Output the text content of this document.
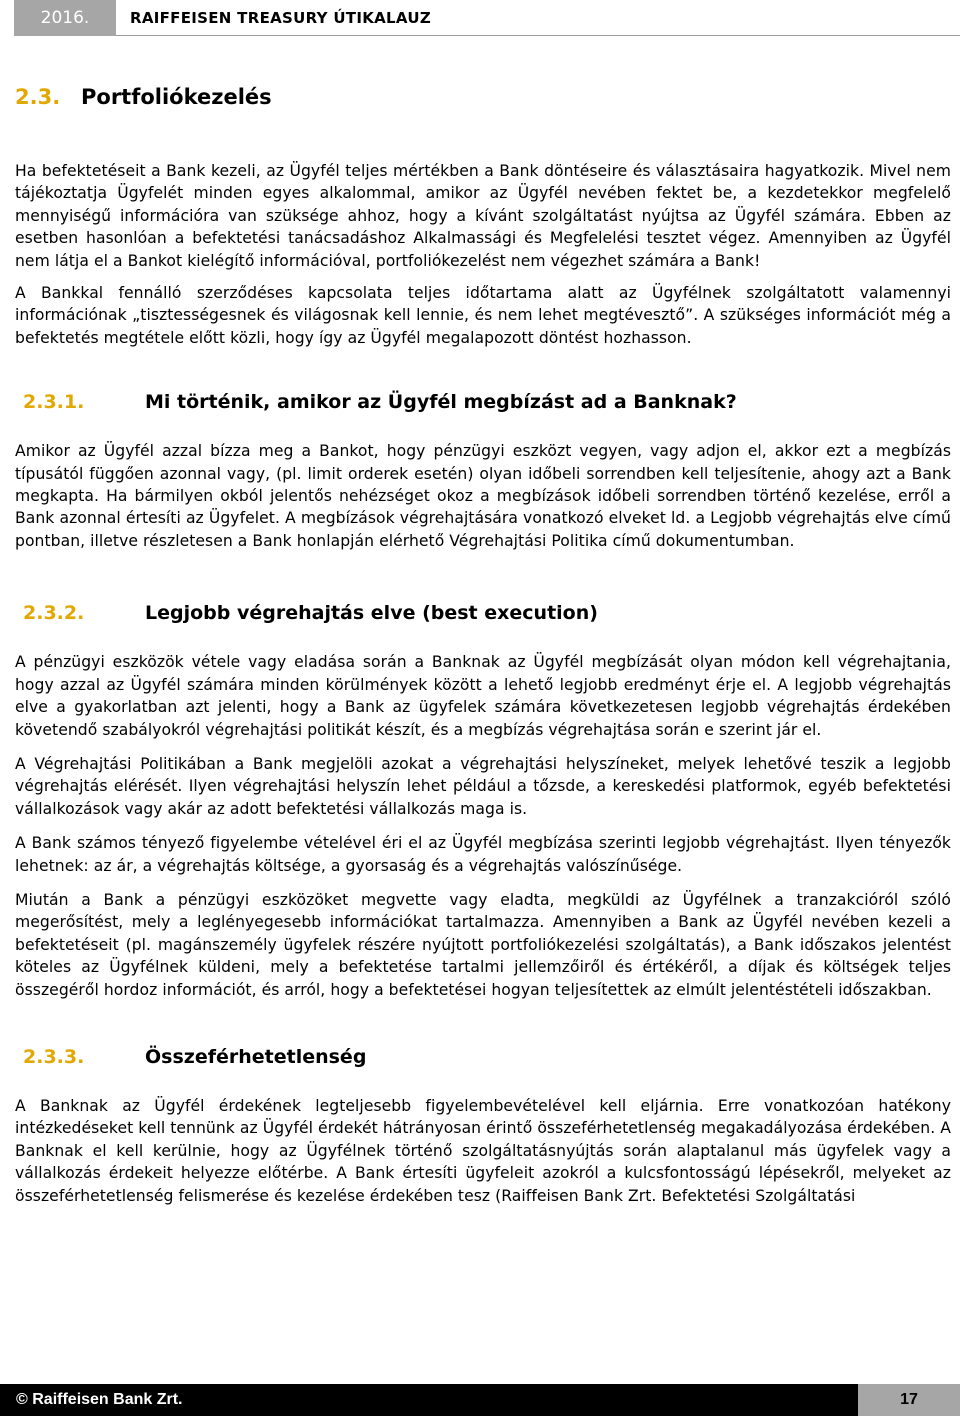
2016.	RAIFFEISEN TREASURY ÚTIKALAUZ
2.3. Portfoliókezelés

Ha befektetéseit a Bank kezeli, az Ügyfél teljes mértékben a Bank döntéseire és választásaira hagyatkozik. Mivel nem tájékoztatja Ügyfelét minden egyes alkalommal, amikor az Ügyfél nevében fektet be, a kezdetekkor megfelelő mennyiségű információra van szüksége ahhoz, hogy a kívánt szolgáltatást nyújtsa az Ügyfél számára. Ebben az esetben hasonlóan a befektetési tanácsadáshoz Alkalmassági és Megfelelési tesztet végez. Amennyiben az Ügyfél nem látja el a Bankot kielégítő információval, portfoliókezelést nem végezhet számára a Bank!

A Bankkal fennálló szerződéses kapcsolata teljes időtartama alatt az Ügyfélnek szolgáltatott valamennyi információnak „tisztességesnek és világosnak kell lennie, és nem lehet megtévesztő”. A szükséges információt még a befektetés megtétele előtt közli, hogy így az Ügyfél megalapozott döntést hozhasson.

2.3.1.	Mi történik, amikor az Ügyfél megbízást ad a Banknak?

Amikor az Ügyfél azzal bízza meg a Bankot, hogy pénzügyi eszközt vegyen, vagy adjon el, akkor ezt a megbízás típusától függően azonnal vagy, (pl. limit orderek esetén) olyan időbeli sorrendben kell teljesítenie, ahogy azt a Bank megkapta. Ha bármilyen okból jelentős nehézséget okoz a megbízások időbeli sorrendben történő kezelése, erről a Bank azonnal értesíti az Ügyfelet. A megbízások végrehajtására vonatkozó elveket ld. a Legjobb végrehajtás elve című pontban, illetve részletesen a Bank honlapján elérhető Végrehajtási Politika című dokumentumban.

2.3.2.	Legjobb végrehajtás elve (best execution)

A pénzügyi eszközök vétele vagy eladása során a Banknak az Ügyfél megbízását olyan módon kell végrehajtania, hogy azzal az Ügyfél számára minden körülmények között a lehető legjobb eredményt érje el. A legjobb végrehajtás elve a gyakorlatban azt jelenti, hogy a Bank az ügyfelek számára következetesen legjobb végrehajtás érdekében követendő szabályokról végrehajtási politikát készít, és a megbízás végrehajtása során e szerint jár el.

A Végrehajtási Politikában a Bank megjelöli azokat a végrehajtási helyszíneket, melyek lehetővé teszik a legjobb végrehajtás elérését. Ilyen végrehajtási helyszín lehet például a tőzsde, a kereskedési platformok, egyéb befektetési vállalkozások vagy akár az adott befektetési vállalkozás maga is.

A Bank számos tényező figyelembe vételével éri el az Ügyfél megbízása szerinti legjobb végrehajtást. Ilyen tényezők lehetnek: az ár, a végrehajtás költsége, a gyorsaság és a végrehajtás valószínűsége.

Miután a Bank a pénzügyi eszközöket megvette vagy eladta, megküldi az Ügyfélnek a tranzakcióról szóló megerősítést, mely a leglényegesebb információkat tartalmazza. Amennyiben a Bank az Ügyfél nevében kezeli a befektetéseit (pl. magánszemély ügyfelek részére nyújtott portfoliókezelési szolgáltatás), a Bank időszakos jelentést köteles az Ügyfélnek küldeni, mely a befektetése tartalmi jellemzőiről és értékéről, a díjak és költségek teljes összegéről hordoz információt, és arról, hogy a befektetései hogyan teljesítettek az elmúlt jelentéstételi időszakban.

2.3.3.	Összeférhetetlenség

A Banknak az Ügyfél érdekének legteljesebb figyelembevételével kell eljárnia. Erre vonatkozóan hatékony intézkedéseket kell tennünk az Ügyfél érdekét hátrányosan érintő összeférhetetlenség megakadályozása érdekében. A Banknak el kell kerülnie, hogy az Ügyfélnek történő szolgáltatásnyújtás során alaptalanul más ügyfelek vagy a vállalkozás érdekeit helyezze előtérbe. A Bank értesíti ügyfeleit azokról a kulcsfontosságú lépésekről, melyeket az összeférhetetlenség felismerése és kezelése érdekében tesz (Raiffeisen Bank Zrt. Befektetési Szolgáltatási

© Raiffeisen Bank Zrt.	17
